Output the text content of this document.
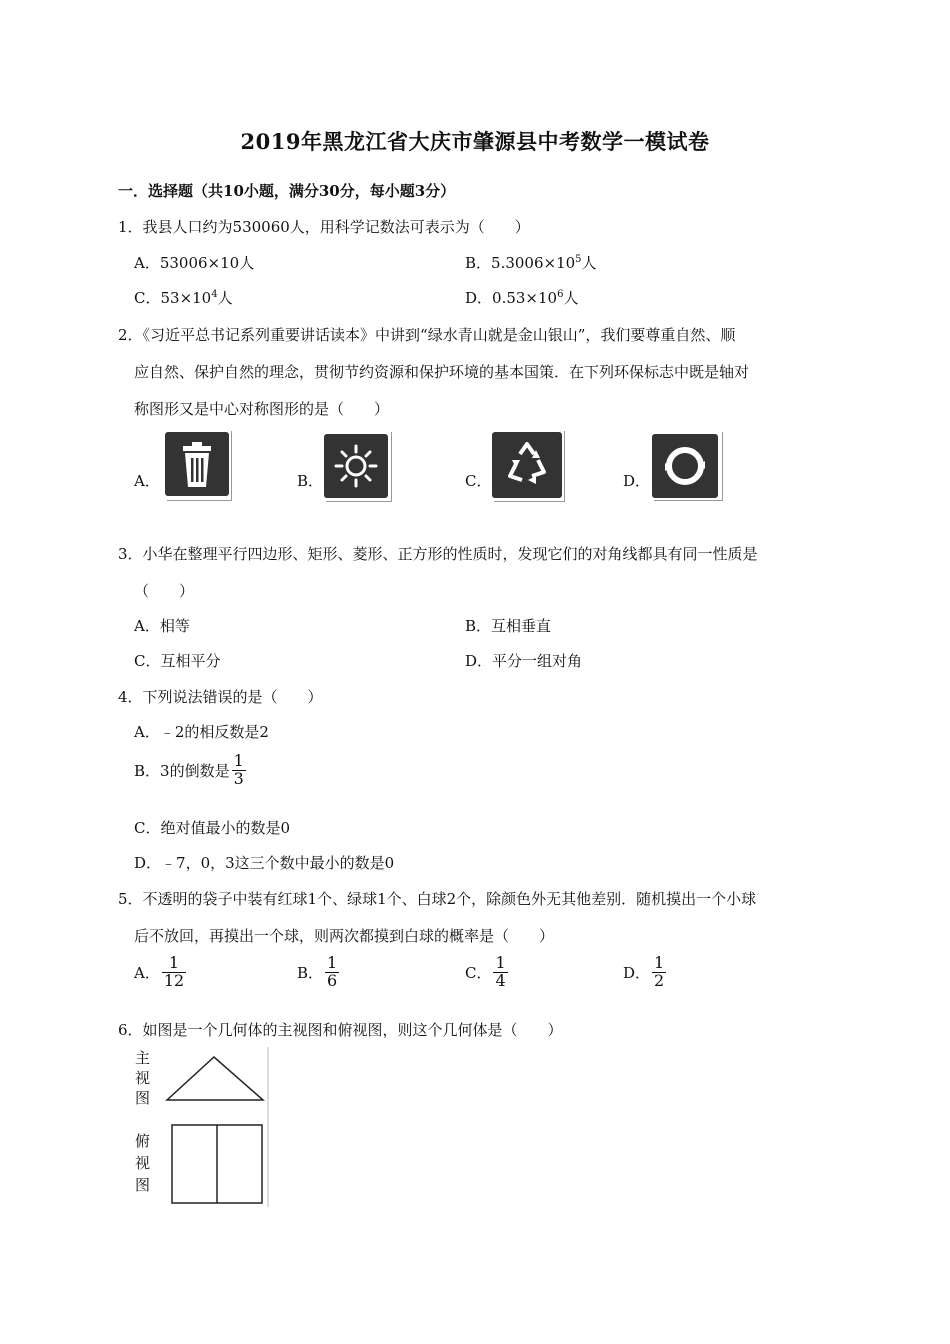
2019年黑龙江省大庆市肇源县中考数学一模试卷
一．选择题（共10小题，满分30分，每小题3分）
1．我县人口约为530060人，用科学记数法可表示为（　　）
A．53006×10人	B．$5.3006\times 10^5$人
C．$53\times 10^4$人	D．$0.53\times 10^6$人
2．《习近平总书记系列重要讲话读本》中讲到“绿水青山就是金山银山”，我们要尊重自然、顺
应自然、保护自然的理念，贯彻节约资源和保护环境的基本国策．在下列环保标志中既是轴对
称图形又是中心对称图形的是（　　）
A．	B．	C．	D．
3．小华在整理平行四边形、矩形、菱形、正方形的性质时，发现它们的对角线都具有同一性质是
（　　）
A．相等	B．互相垂直
C．互相平分	D．平分一组对角
4．下列说法错误的是（　　）
A．﹣2的相反数是2
B．3的倒数是 $\frac{1}{3}$
C．绝对值最小的数是0
D．﹣7，0，3这三个数中最小的数是0
5．不透明的袋子中装有红球1个、绿球1个、白球2个，除颜色外无其他差别．随机摸出一个小球
后不放回，再摸出一个球，则两次都摸到白球的概率是（　　）
A． $\frac{1}{12}$	B． $\frac{1}{6}$	C． $\frac{1}{4}$	D． $\frac{1}{2}$
6．如图是一个几何体的主视图和俯视图，则这个几何体是（　　）
主
视
图
俯
视
图
